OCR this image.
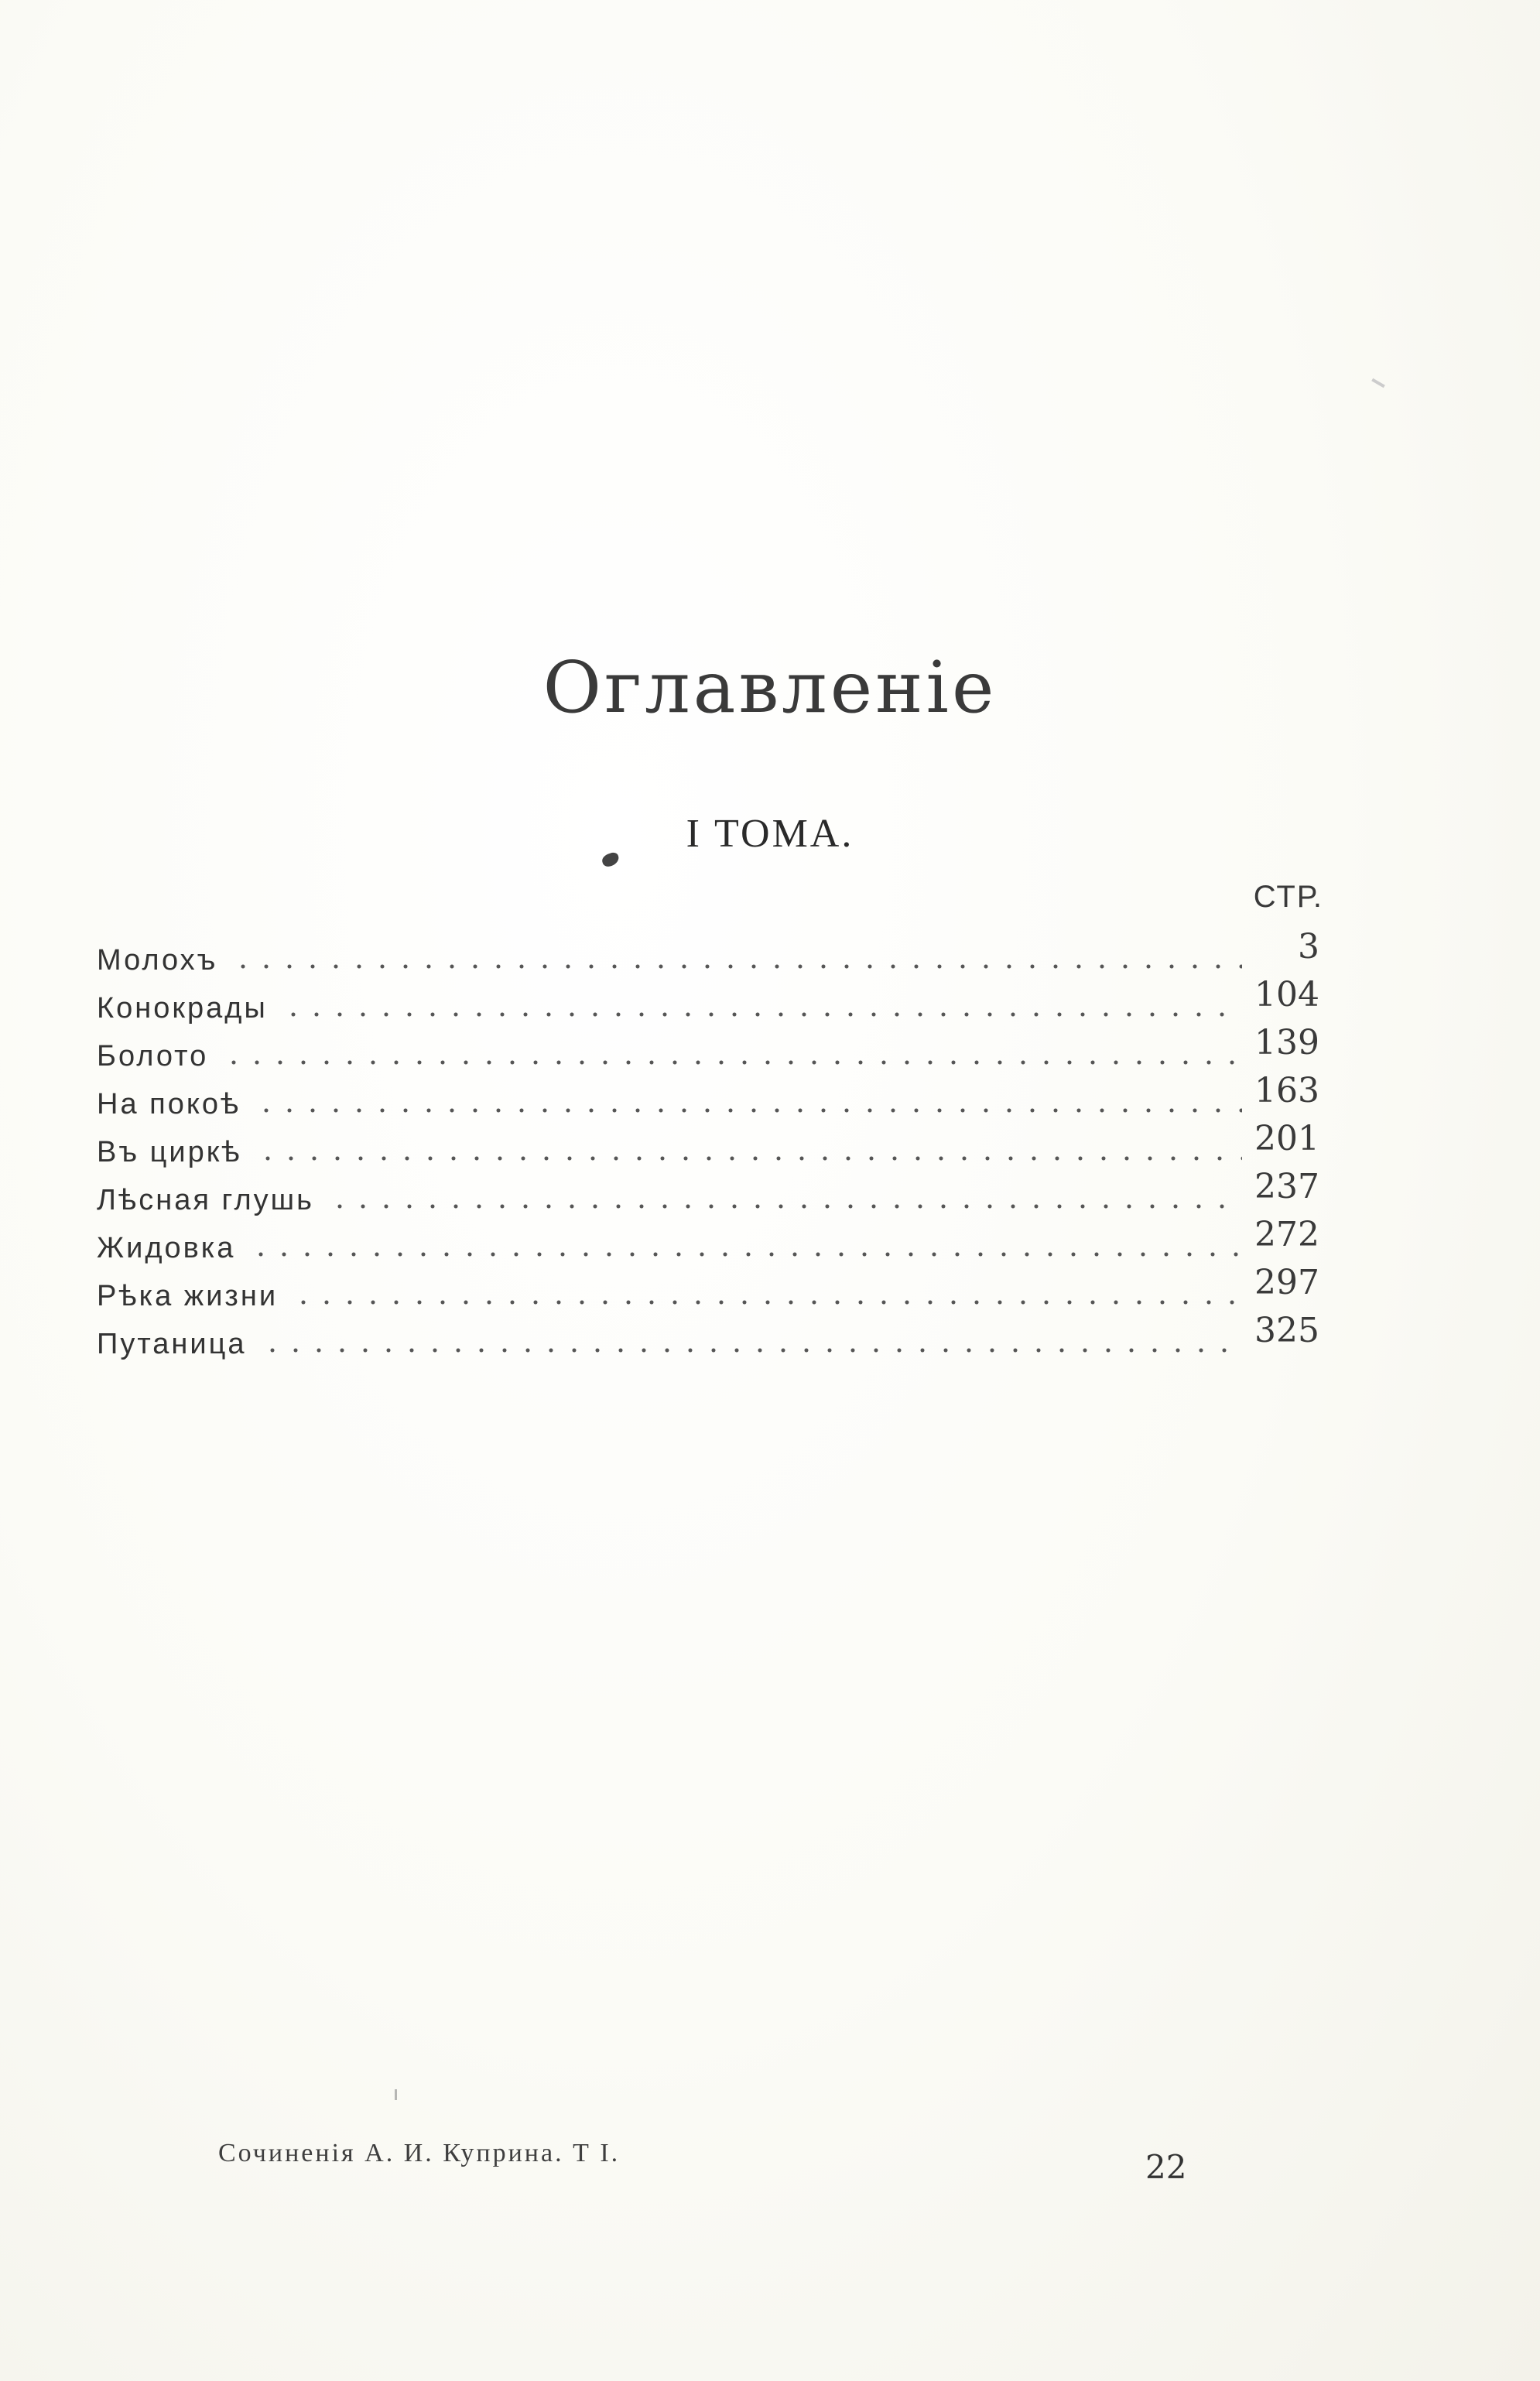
Оглавленіе
I ТОМА.
СТР.
Молохъ	3
Конокрады	104
Болото	139
На покоѣ	163
Въ циркѣ	201
Лѣсная глушь	237
Жидовка	272
Рѣка жизни	297
Путаница	325
Сочиненія А. И. Куприна. Т I.	22
